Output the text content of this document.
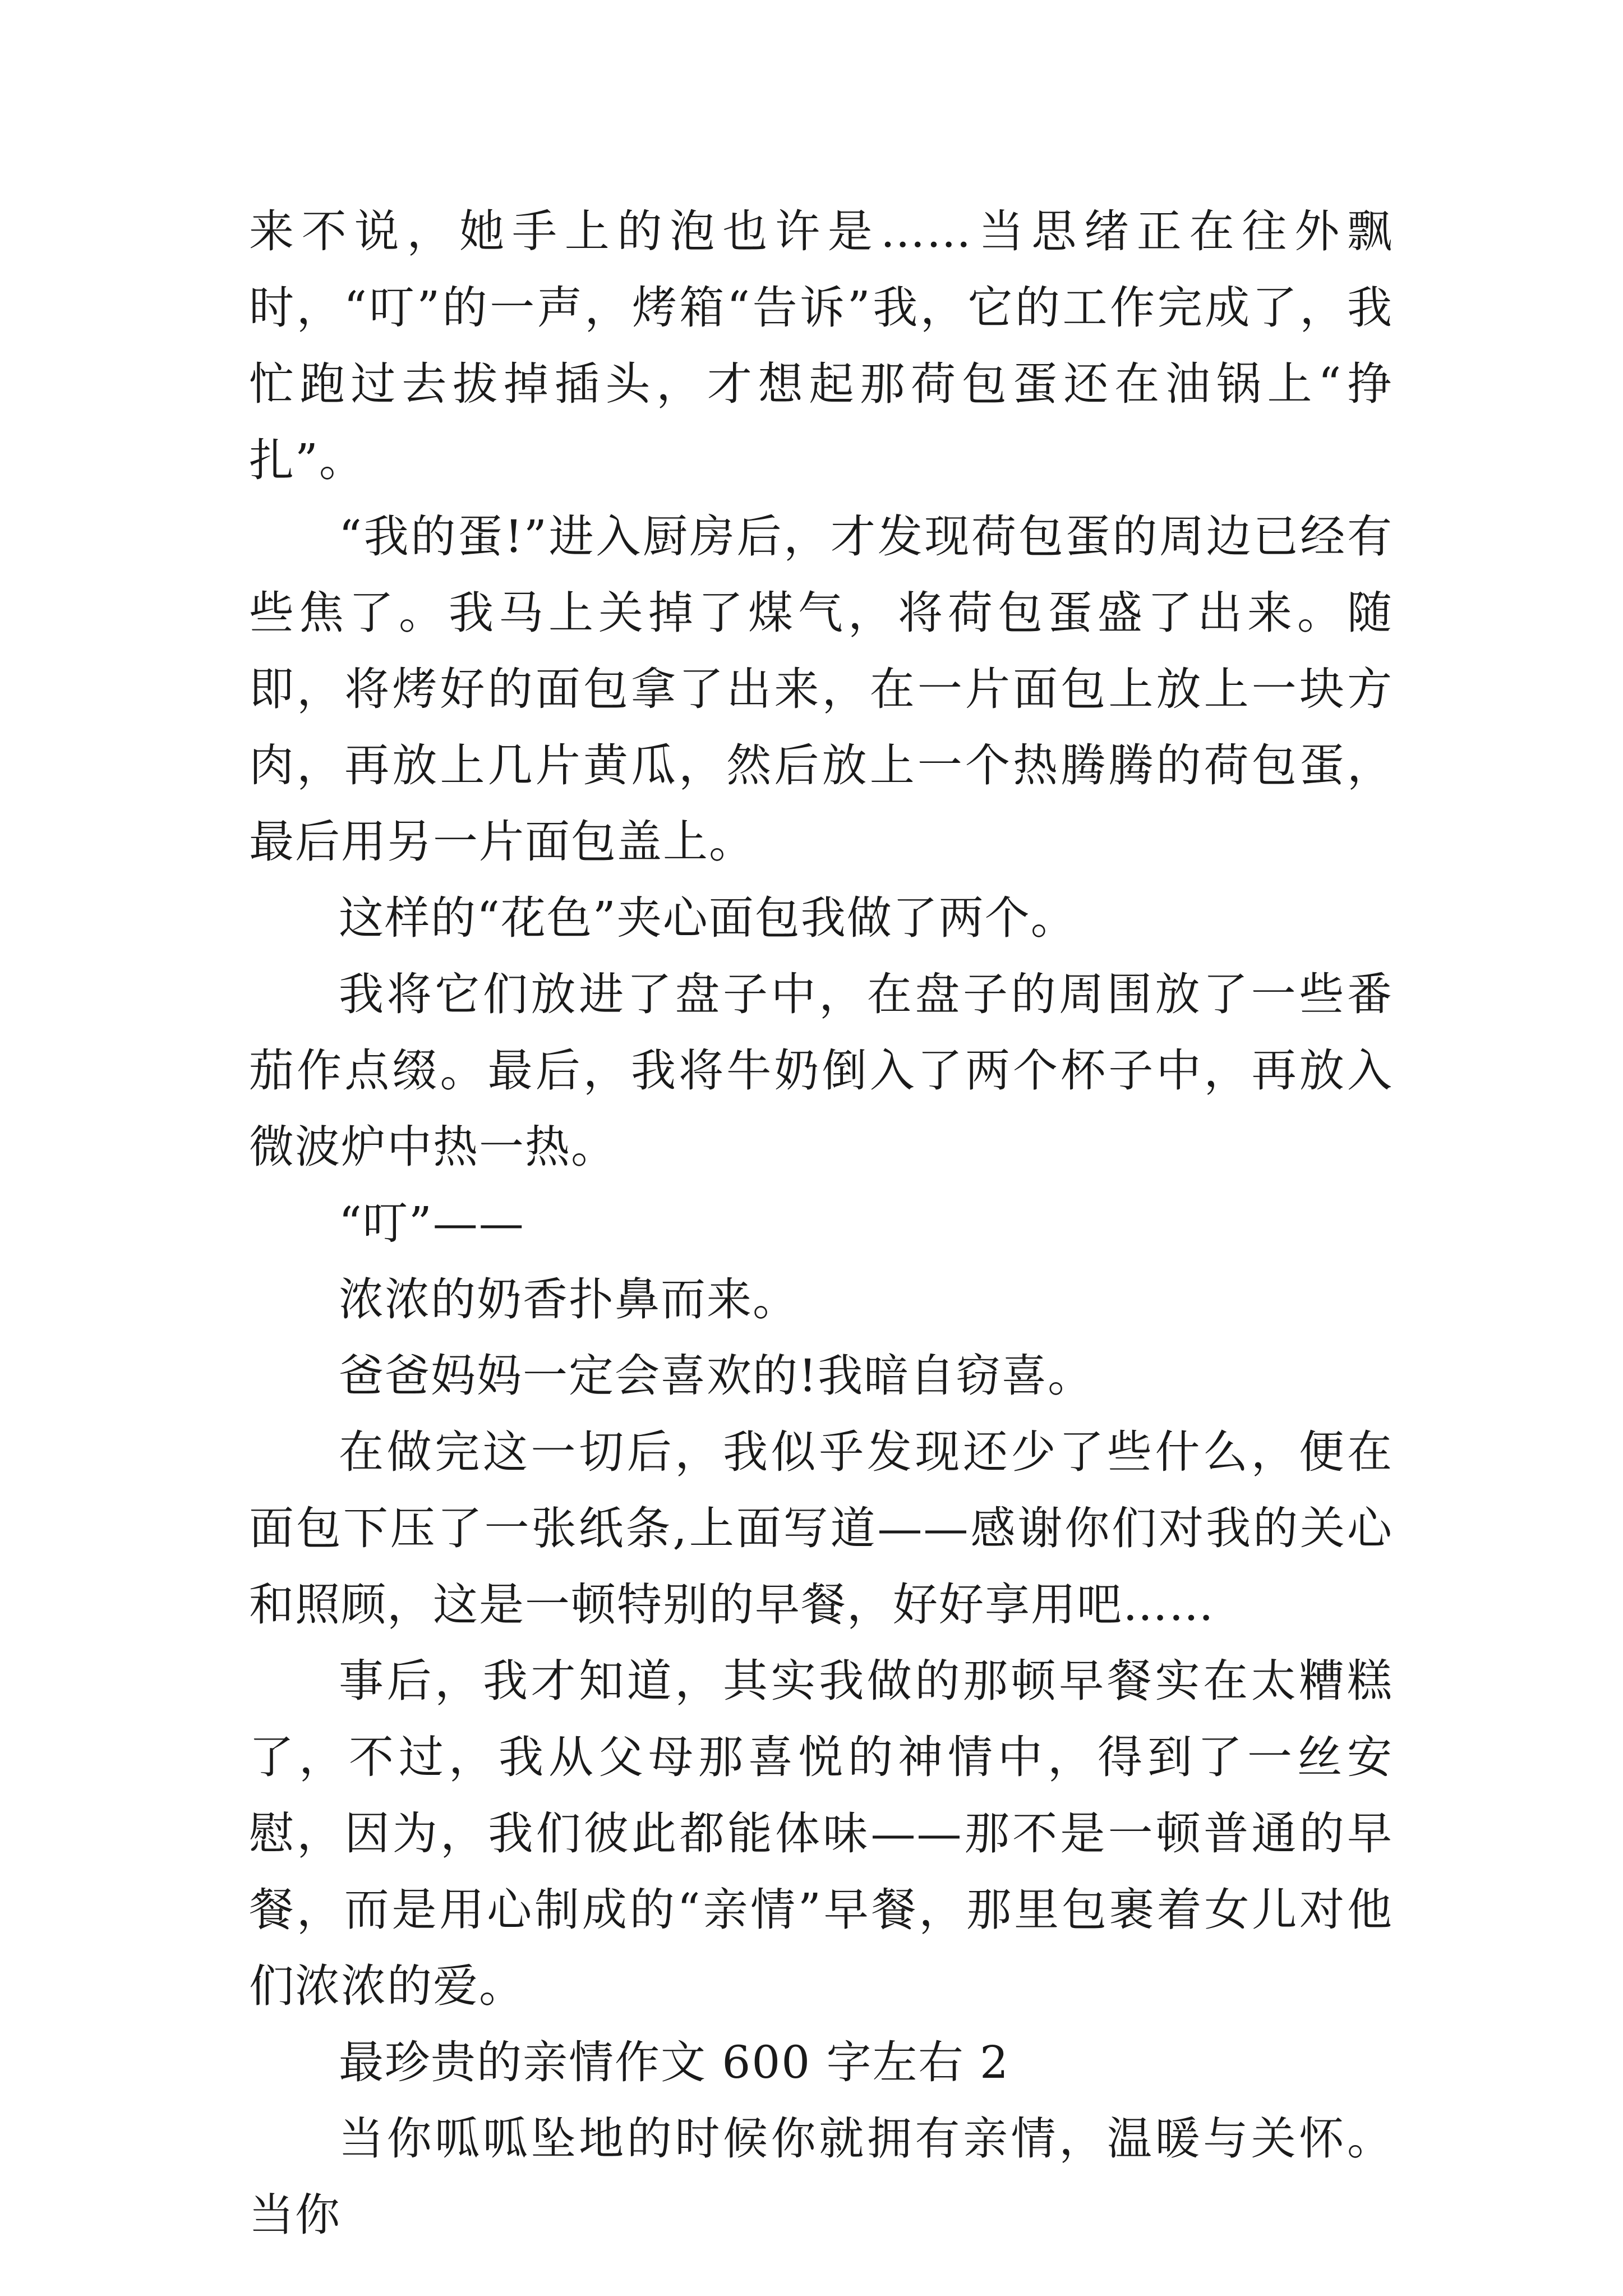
来不说，她手上的泡也许是……当思绪正在往外飘时，“叮”的一声，烤箱“告诉”我，它的工作完成了，我忙跑过去拔掉插头，才想起那荷包蛋还在油锅上“挣扎”。

“我的蛋!”进入厨房后，才发现荷包蛋的周边已经有些焦了。我马上关掉了煤气，将荷包蛋盛了出来。随即，将烤好的面包拿了出来，在一片面包上放上一块方肉，再放上几片黄瓜，然后放上一个热腾腾的荷包蛋，最后用另一片面包盖上。

这样的“花色”夹心面包我做了两个。

我将它们放进了盘子中，在盘子的周围放了一些番茄作点缀。最后，我将牛奶倒入了两个杯子中，再放入微波炉中热一热。

“叮”——

浓浓的奶香扑鼻而来。

爸爸妈妈一定会喜欢的!我暗自窃喜。

在做完这一切后，我似乎发现还少了些什么，便在面包下压了一张纸条,上面写道——感谢你们对我的关心和照顾，这是一顿特别的早餐，好好享用吧……

事后，我才知道，其实我做的那顿早餐实在太糟糕了，不过，我从父母那喜悦的神情中，得到了一丝安慰，因为，我们彼此都能体味——那不是一顿普通的早餐，而是用心制成的“亲情”早餐，那里包裹着女儿对他们浓浓的爱。

最珍贵的亲情作文 600 字左右 2

当你呱呱坠地的时候你就拥有亲情，温暖与关怀。当你
